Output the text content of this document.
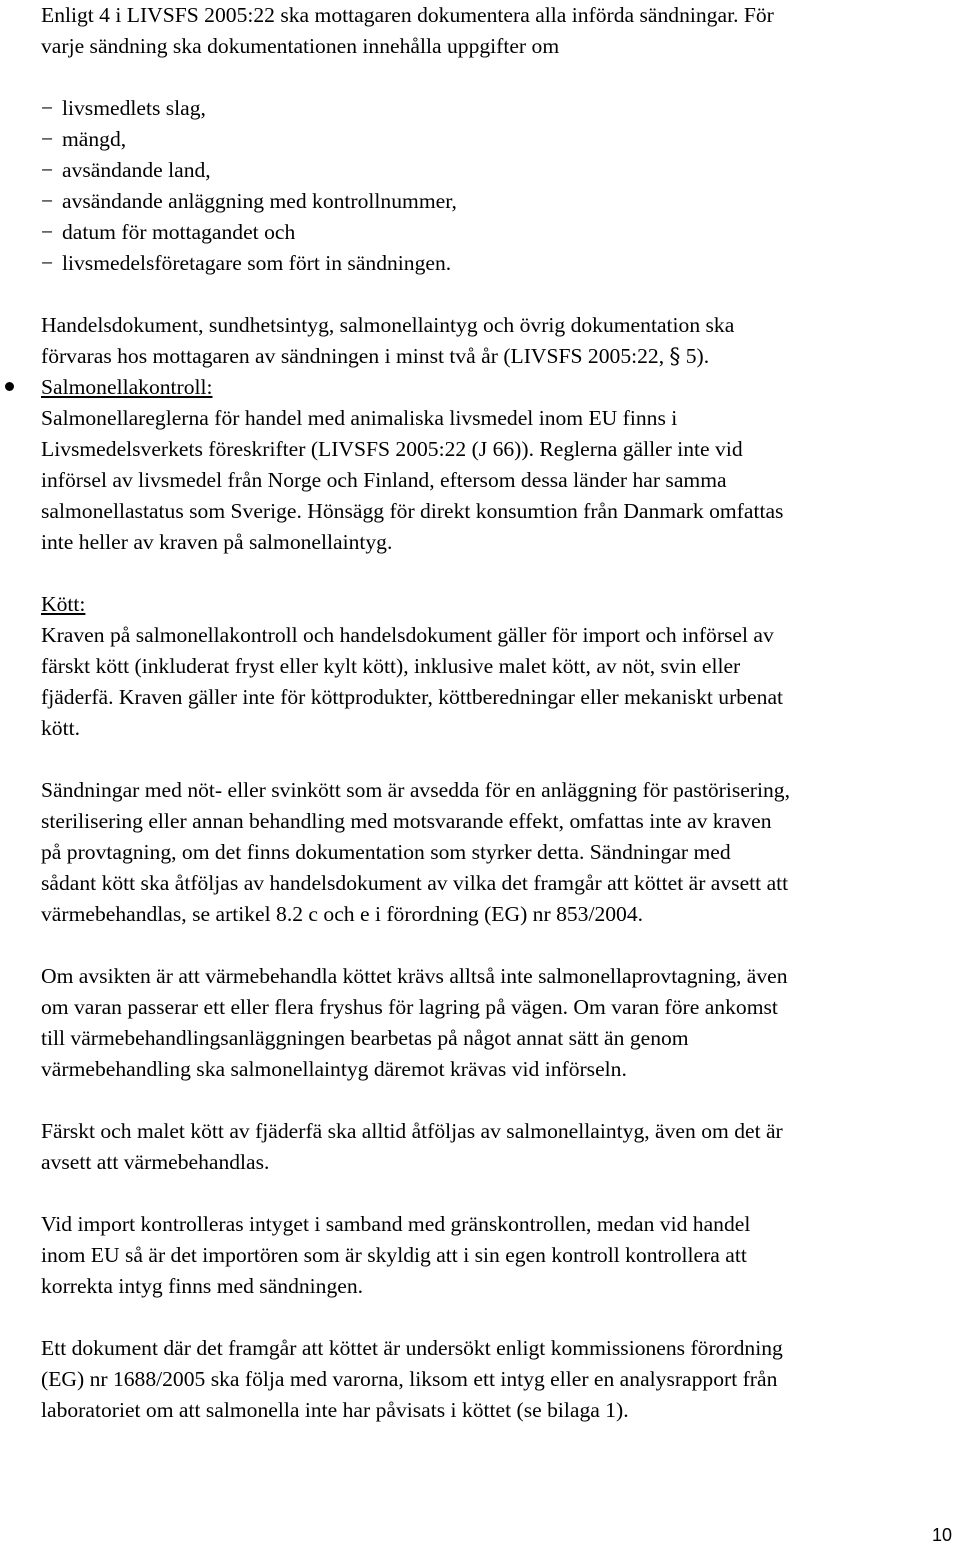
Enligt 4 i LIVSFS 2005:22 ska mottagaren dokumentera alla införda sändningar. För

varje sändning ska dokumentationen innehålla uppgifter om

− livsmedlets slag,
− mängd,
− avsändande land,
− avsändande anläggning med kontrollnummer,
− datum för mottagandet och
− livsmedelsföretagare som fört in sändningen.

Handelsdokument, sundhetsintyg, salmonellaintyg och övrig dokumentation ska

förvaras hos mottagaren av sändningen i minst två år (LIVSFS 2005:22, § 5).

Salmonellakontroll:

Salmonellareglerna för handel med animaliska livsmedel inom EU finns i

Livsmedelsverkets föreskrifter (LIVSFS 2005:22 (J 66)). Reglerna gäller inte vid

införsel av livsmedel från Norge och Finland, eftersom dessa länder har samma

salmonellastatus som Sverige. Hönsägg för direkt konsumtion från Danmark omfattas

inte heller av kraven på salmonellaintyg.

Kött:

Kraven på salmonellakontroll och handelsdokument gäller för import och införsel av

färskt kött (inkluderat fryst eller kylt kött), inklusive malet kött, av nöt, svin eller

fjäderfä. Kraven gäller inte för köttprodukter, köttberedningar eller mekaniskt urbenat

kött.

Sändningar med nöt- eller svinkött som är avsedda för en anläggning för pastörisering,

sterilisering eller annan behandling med motsvarande effekt, omfattas inte av kraven

på provtagning, om det finns dokumentation som styrker detta. Sändningar med

sådant kött ska åtföljas av handelsdokument av vilka det framgår att köttet är avsett att

värmebehandlas, se artikel 8.2 c och e i förordning (EG) nr 853/2004.

Om avsikten är att värmebehandla köttet krävs alltså inte salmonellaprovtagning, även

om varan passerar ett eller flera fryshus för lagring på vägen. Om varan före ankomst

till värmebehandlingsanläggningen bearbetas på något annat sätt än genom

värmebehandling ska salmonellaintyg däremot krävas vid införseln.

Färskt och malet kött av fjäderfä ska alltid åtföljas av salmonellaintyg, även om det är

avsett att värmebehandlas.

Vid import kontrolleras intyget i samband med gränskontrollen, medan vid handel

inom EU så är det importören som är skyldig att i sin egen kontroll kontrollera att

korrekta intyg finns med sändningen.

Ett dokument där det framgår att köttet är undersökt enligt kommissionens förordning

(EG) nr 1688/2005 ska följa med varorna, liksom ett intyg eller en analysrapport från

laboratoriet om att salmonella inte har påvisats i köttet (se bilaga 1).

10
